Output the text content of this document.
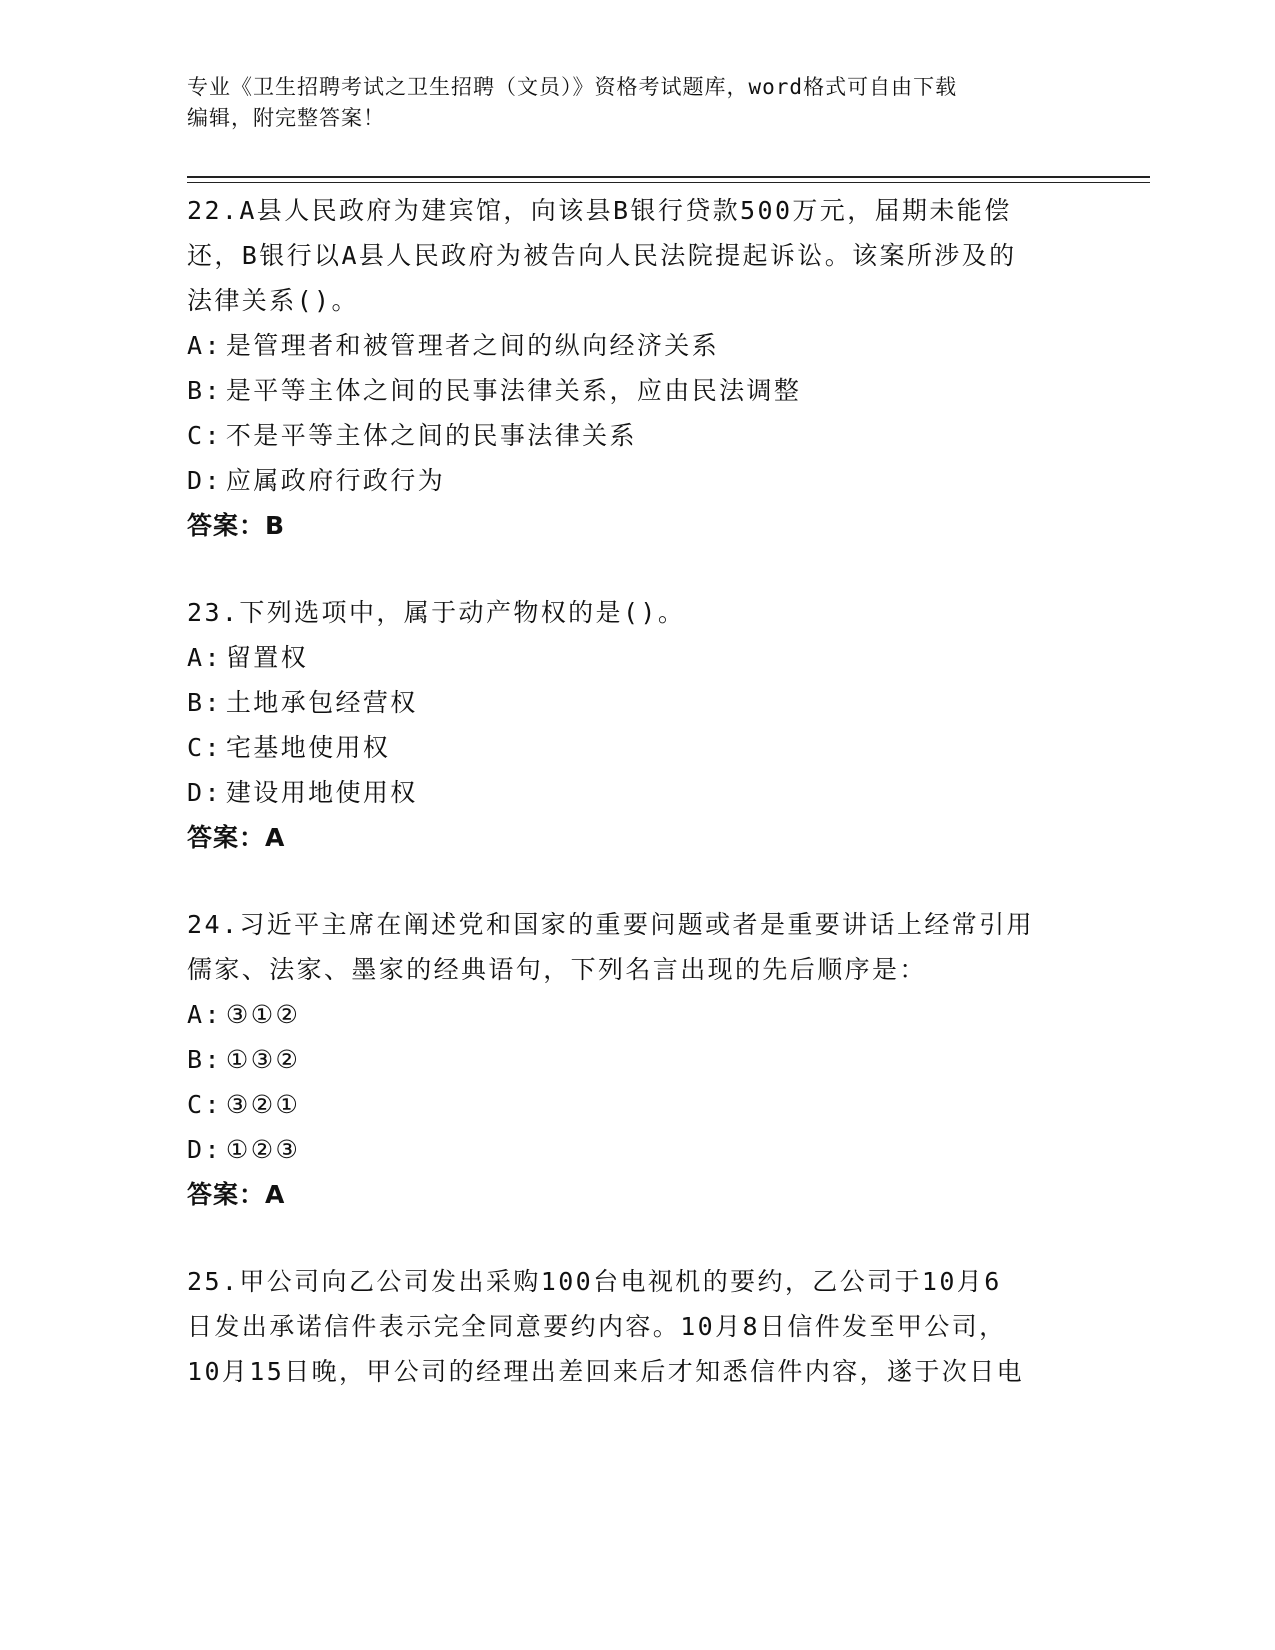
专业《卫生招聘考试之卫生招聘（文员）》资格考试题库，word格式可自由下载
编辑，附完整答案！
22.A县人民政府为建宾馆，向该县B银行贷款500万元，届期未能偿
还，B银行以A县人民政府为被告向人民法院提起诉讼。该案所涉及的
法律关系()。
A: 是管理者和被管理者之间的纵向经济关系
B: 是平等主体之间的民事法律关系，应由民法调整
C: 不是平等主体之间的民事法律关系
D: 应属政府行政行为
答案：B
23.下列选项中，属于动产物权的是()。
A: 留置权
B: 土地承包经营权
C: 宅基地使用权
D: 建设用地使用权
答案：A
24.习近平主席在阐述党和国家的重要问题或者是重要讲话上经常引用
儒家、法家、墨家的经典语句，下列名言出现的先后顺序是：
A: ③①②
B: ①③②
C: ③②①
D: ①②③
答案：A
25.甲公司向乙公司发出采购100台电视机的要约，乙公司于10月6
日发出承诺信件表示完全同意要约内容。10月8日信件发至甲公司，
10月15日晚，甲公司的经理出差回来后才知悉信件内容，遂于次日电
